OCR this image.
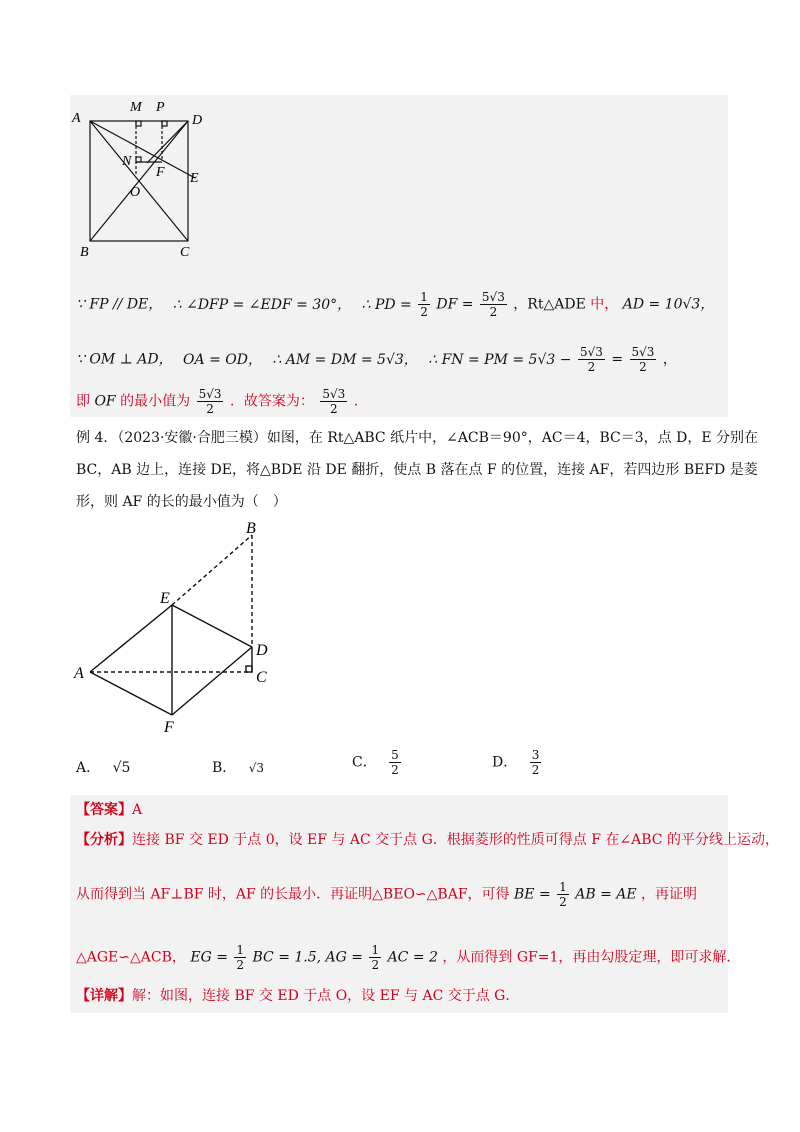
A
M P
D
N
F
O
E
B	C
∵ FP // DE， ∴ ∠DFP = ∠EDF = 30°， ∴ PD = $\frac{1}{2}$ DF = $\frac{5√3}{2}$ ，Rt△ADE 中， AD = 10√3，
∵ OM ⊥ AD， OA = OD， ∴ AM = DM = 5√3， ∴ FN = PM = $5√3 - \frac{5√3}{2} = \frac{5√3}{2}$ ，
即 OF 的最小值为 $\frac{5√3}{2}$ ．故答案为： $\frac{5√3}{2}$ ．
例 4．（2023·安徽·合肥三模）如图，在 Rt△ABC 纸片中，∠ACB＝90°，AC＝4，BC＝3，点 D，E 分别在
BC，AB 边上，连接 DE，将△BDE 沿 DE 翻折，使点 B 落在点 F 的位置，连接 AF，若四边形 BEFD 是菱
形，则 AF 的长的最小值为（　）
B
E
D
A	C
F
A． √5	B． √3	C． $\frac{5}{2}$	D． $\frac{3}{2}$
【答案】A
【分析】连接 BF 交 ED 于点 0，设 EF 与 AC 交于点 G．根据菱形的性质可得点 F 在∠ABC 的平分线上运动，
从而得到当 AF⊥BF 时，AF 的长最小．再证明△BEO∽△BAF，可得 BE = $\frac{1}{2}$ AB = AE ，再证明
△AGE∽△ACB， EG = $\frac{1}{2}$ BC = 1.5, AG = $\frac{1}{2}$ AC = 2 ，从而得到 GF=1，再由勾股定理，即可求解．
【详解】解：如图，连接 BF 交 ED 于点 O，设 EF 与 AC 交于点 G．
